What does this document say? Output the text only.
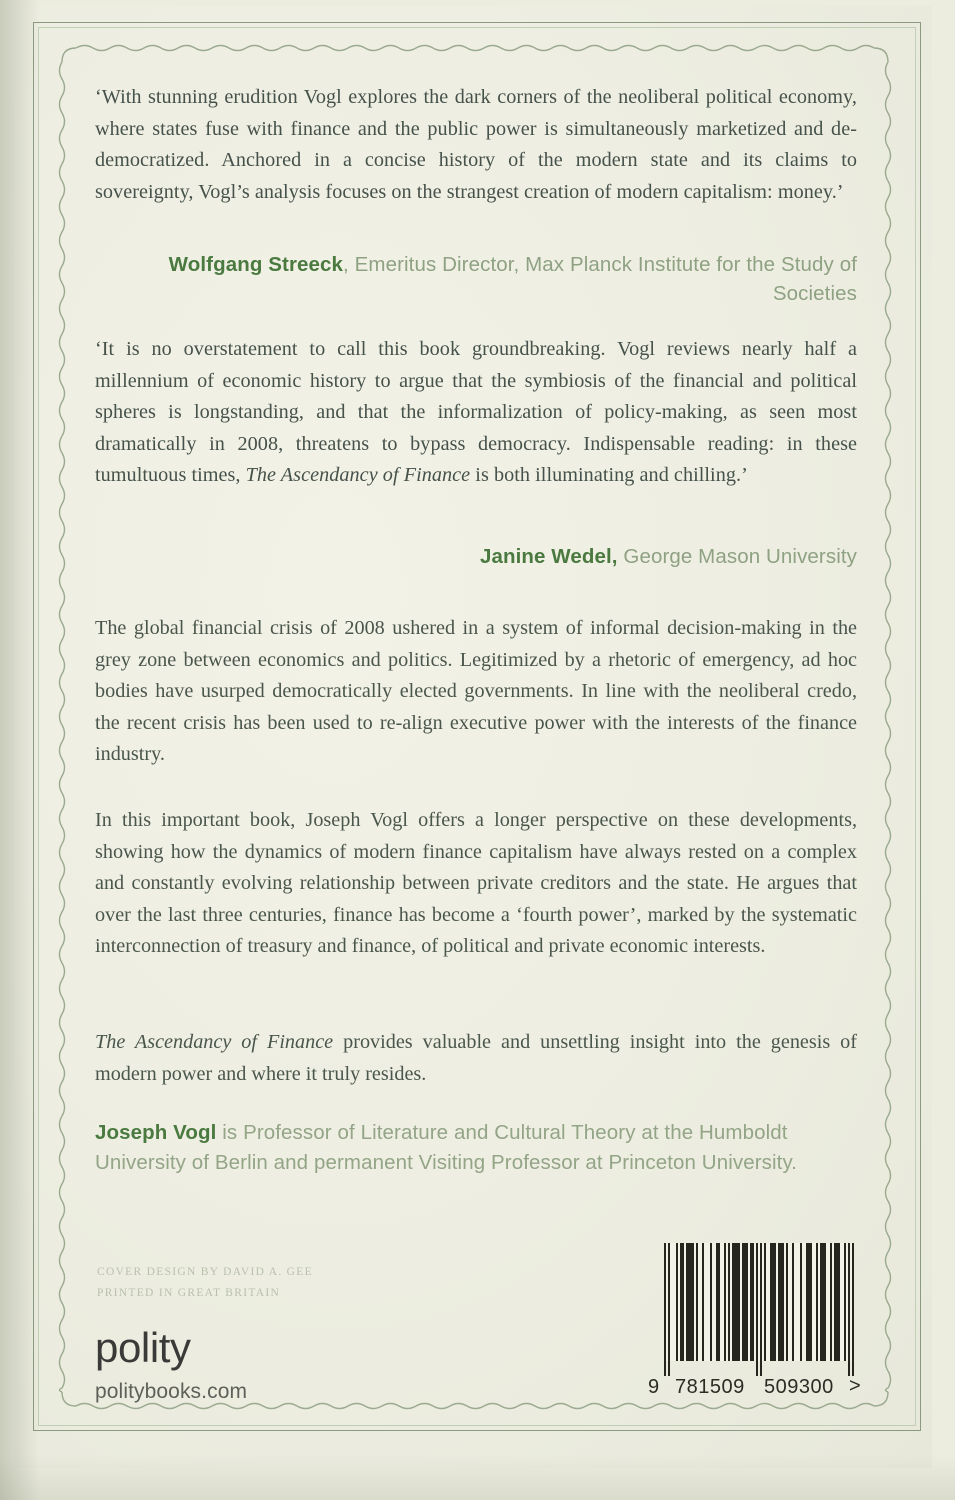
‘With stunning erudition Vogl explores the dark corners of the neoliberal political economy, where states fuse with finance and the public power is simultaneously marketized and de-democratized. Anchored in a concise history of the modern state and its claims to sovereignty, Vogl’s analysis focuses on the strangest creation of modern capitalism: money.’

Wolfgang Streeck, Emeritus Director, Max Planck Institute for the Study of Societies

‘It is no overstatement to call this book groundbreaking. Vogl reviews nearly half a millennium of economic history to argue that the symbiosis of the financial and political spheres is longstanding, and that the informalization of policy-making, as seen most dramatically in 2008, threatens to bypass democracy. Indispensable reading: in these tumultuous times, The Ascendancy of Finance is both illuminating and chilling.’

Janine Wedel, George Mason University

The global financial crisis of 2008 ushered in a system of informal decision-making in the grey zone between economics and politics. Legitimized by a rhetoric of emergency, ad hoc bodies have usurped democratically elected governments. In line with the neoliberal credo, the recent crisis has been used to re-align executive power with the interests of the finance industry.

In this important book, Joseph Vogl offers a longer perspective on these developments, showing how the dynamics of modern finance capitalism have always rested on a complex and constantly evolving relationship between private creditors and the state. He argues that over the last three centuries, finance has become a ‘fourth power’, marked by the systematic interconnection of treasury and finance, of political and private economic interests.

The Ascendancy of Finance provides valuable and unsettling insight into the genesis of modern power and where it truly resides.

Joseph Vogl is Professor of Literature and Cultural Theory at the Humboldt University of Berlin and permanent Visiting Professor at Princeton University.

COVER DESIGN BY DAVID A. GEE
PRINTED IN GREAT BRITAIN
polity
politybooks.com	9 781509 509300 >
